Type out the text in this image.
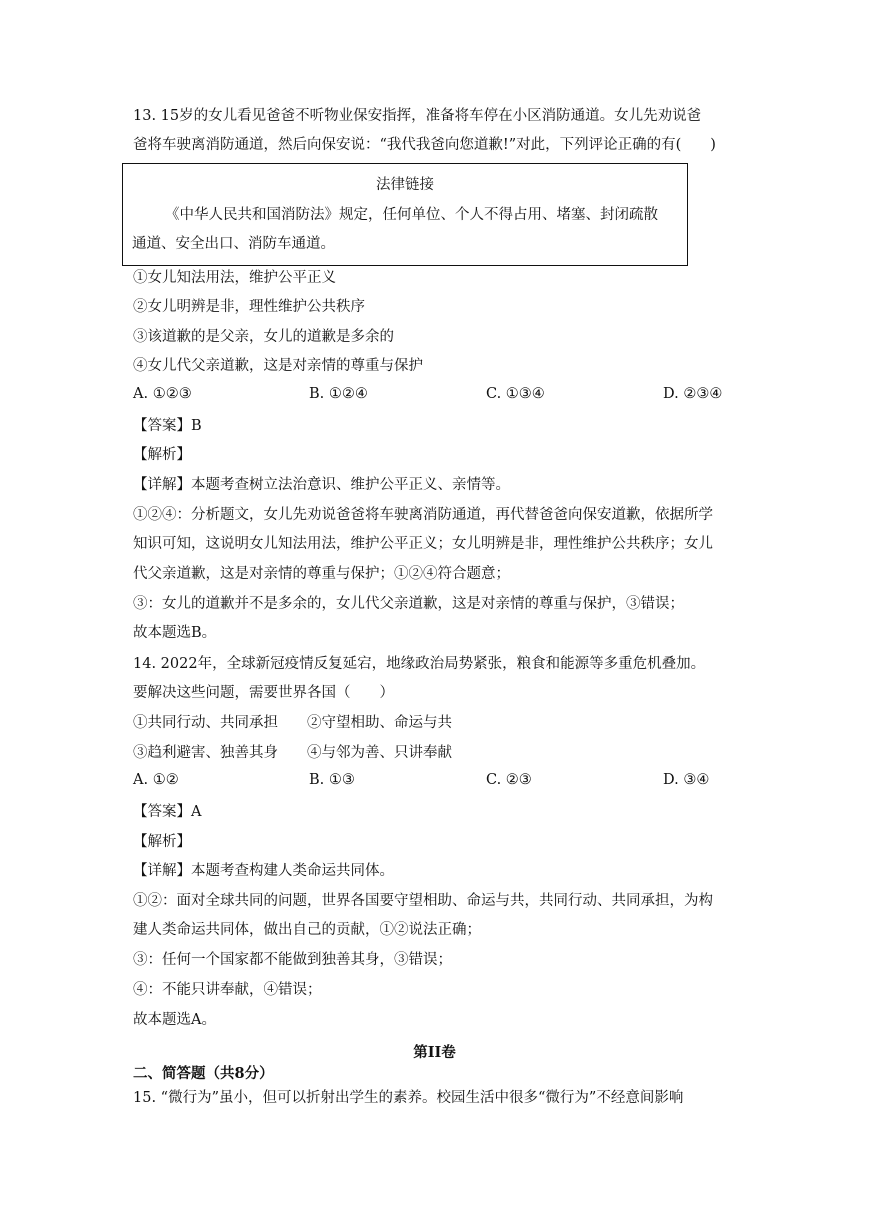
13. 15岁的女儿看见爸爸不听物业保安指挥，准备将车停在小区消防通道。女儿先劝说爸
爸将车驶离消防通道，然后向保安说：“我代我爸向您道歉!”对此，下列评论正确的有(　　)
法律链接
《中华人民共和国消防法》规定，任何单位、个人不得占用、堵塞、封闭疏散
通道、安全出口、消防车通道。
①女儿知法用法，维护公平正义
②女儿明辨是非，理性维护公共秩序
③该道歉的是父亲，女儿的道歉是多余的
④女儿代父亲道歉，这是对亲情的尊重与保护
A. ①②③	B. ①②④	C. ①③④	D. ②③④
【答案】B
【解析】
【详解】本题考查树立法治意识、维护公平正义、亲情等。
①②④：分析题文，女儿先劝说爸爸将车驶离消防通道，再代替爸爸向保安道歉，依据所学
知识可知，这说明女儿知法用法，维护公平正义；女儿明辨是非，理性维护公共秩序；女儿
代父亲道歉，这是对亲情的尊重与保护；①②④符合题意；
③：女儿的道歉并不是多余的，女儿代父亲道歉，这是对亲情的尊重与保护，③错误；
故本题选B。
14. 2022年，全球新冠疫情反复延宕，地缘政治局势紧张，粮食和能源等多重危机叠加。
要解决这些问题，需要世界各国（　　）
①共同行动、共同承担　　②守望相助、命运与共
③趋利避害、独善其身　　④与邻为善、只讲奉献
A. ①②	B. ①③	C. ②③	D. ③④
【答案】A
【解析】
【详解】本题考查构建人类命运共同体。
①②：面对全球共同的问题，世界各国要守望相助、命运与共，共同行动、共同承担，为构
建人类命运共同体，做出自己的贡献，①②说法正确；
③：任何一个国家都不能做到独善其身，③错误；
④：不能只讲奉献，④错误；
故本题选A。
第II卷
二、简答题（共8分）
15. “微行为”虽小，但可以折射出学生的素养。校园生活中很多“微行为”不经意间影响
